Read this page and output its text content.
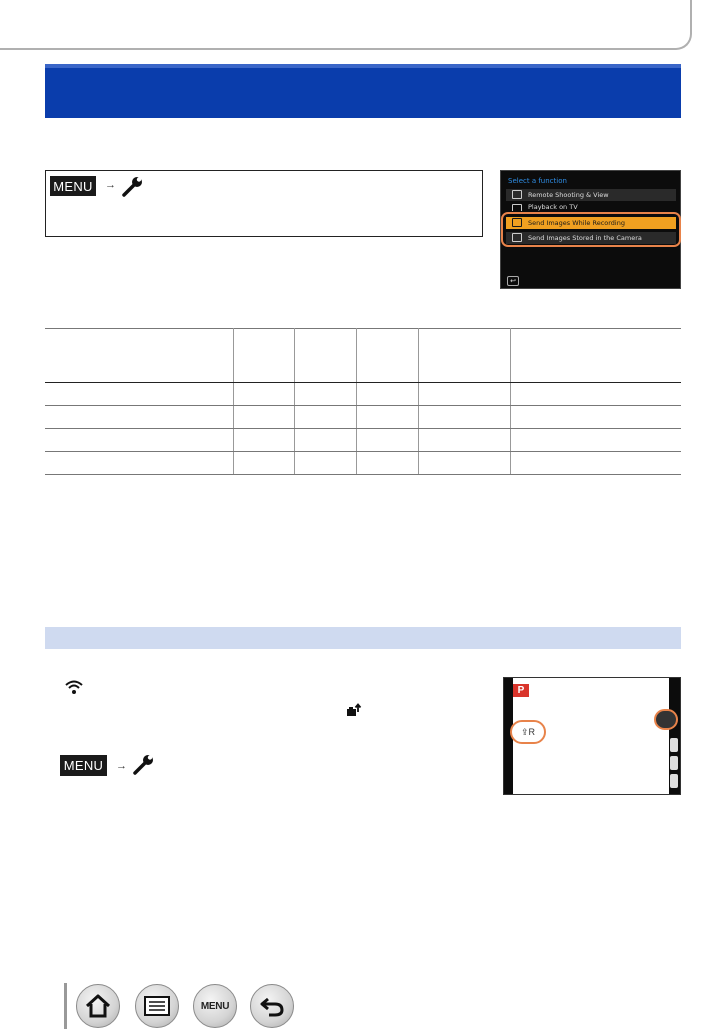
MENU →	Select a function
Remote Shooting & View
Playback on TV
Send Images While Recording
Send Images Stored in the Camera
↩

MENU	→
P
⇪R
MENU
